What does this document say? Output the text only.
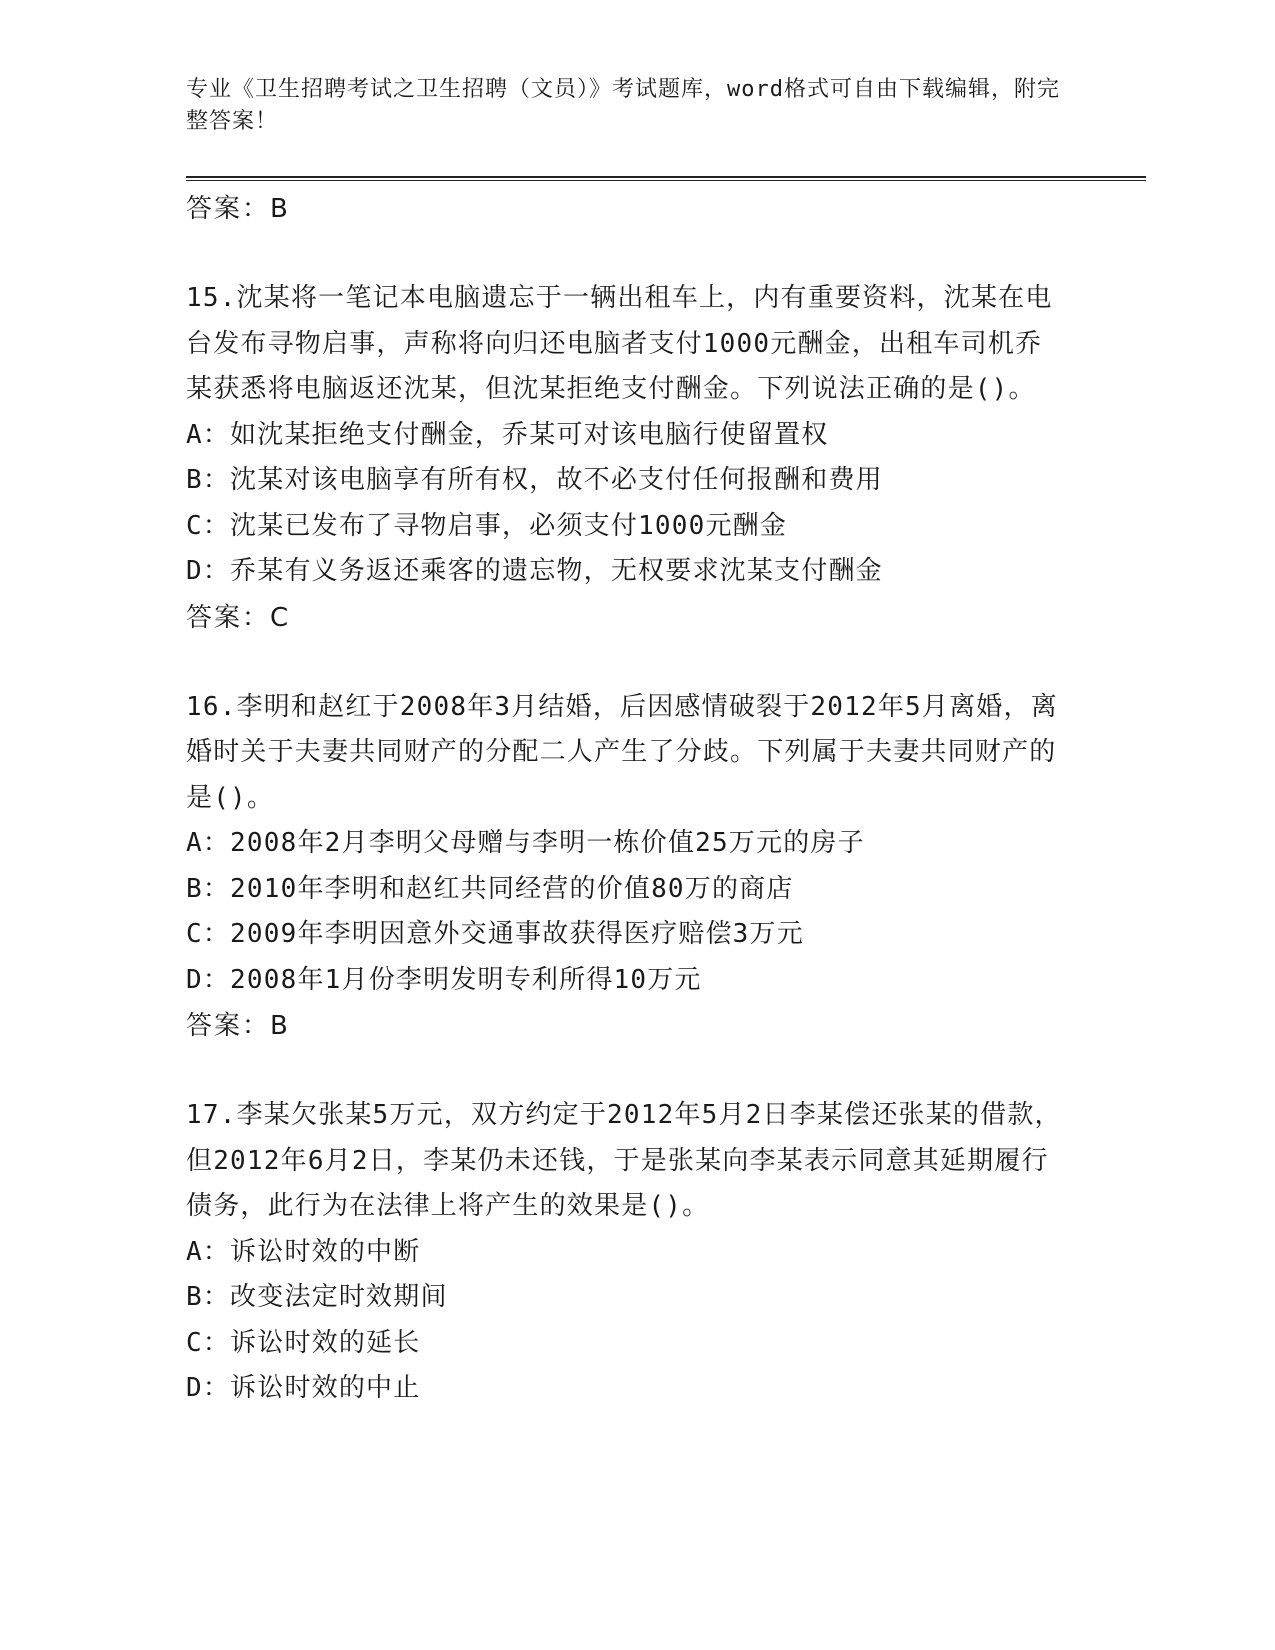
专业《卫生招聘考试之卫生招聘（文员）》考试题库，word格式可自由下载编辑，附完整答案！
答案：B

15.沈某将一笔记本电脑遗忘于一辆出租车上，内有重要资料，沈某在电台发布寻物启事，声称将向归还电脑者支付1000元酬金，出租车司机乔某获悉将电脑返还沈某，但沈某拒绝支付酬金。下列说法正确的是()。

A：如沈某拒绝支付酬金，乔某可对该电脑行使留置权
B：沈某对该电脑享有所有权，故不必支付任何报酬和费用
C：沈某已发布了寻物启事，必须支付1000元酬金
D：乔某有义务返还乘客的遗忘物，无权要求沈某支付酬金
答案：C

16.李明和赵红于2008年3月结婚，后因感情破裂于2012年5月离婚，离婚时关于夫妻共同财产的分配二人产生了分歧。下列属于夫妻共同财产的是()。

A：2008年2月李明父母赠与李明一栋价值25万元的房子
B：2010年李明和赵红共同经营的价值80万的商店
C：2009年李明因意外交通事故获得医疗赔偿3万元
D：2008年1月份李明发明专利所得10万元
答案：B

17.李某欠张某5万元，双方约定于2012年5月2日李某偿还张某的借款，但2012年6月2日，李某仍未还钱，于是张某向李某表示同意其延期履行债务，此行为在法律上将产生的效果是()。

A：诉讼时效的中断
B：改变法定时效期间
C：诉讼时效的延长
D：诉讼时效的中止
